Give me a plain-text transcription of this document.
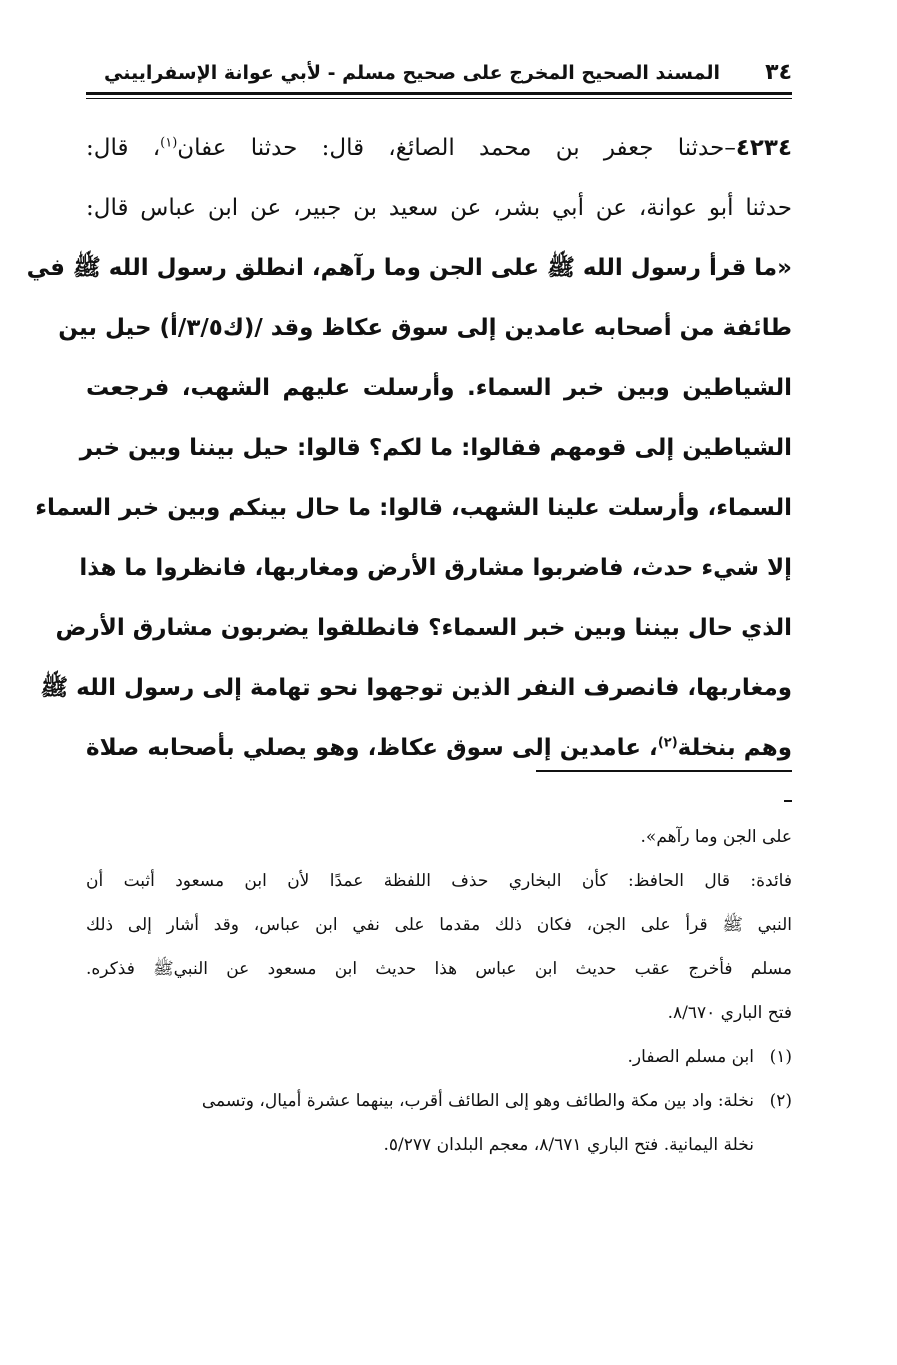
٣٤
المسند الصحيح المخرج على صحيح مسلم - لأبي عوانة الإسفراييني
٤٢٣٤–حدثنا جعفر بن محمد الصائغ، قال: حدثنا عفان$^{(١)}$، قال:
حدثنا أبو عوانة، عن أبي بشر، عن سعيد بن جبير، عن ابن عباس قال:
«ما قرأ رسول الله ﷺ على الجن وما رآهم، انطلق رسول الله ﷺ في
طائفة من أصحابه عامدين إلى سوق عكاظ وقد /(ك٣/٥/أ) حيل بين
الشياطين وبين خبر السماء. وأرسلت عليهم الشهب، فرجعت
الشياطين إلى قومهم فقالوا: ما لكم؟ قالوا: حيل بيننا وبين خبر
السماء، وأرسلت علينا الشهب، قالوا: ما حال بينكم وبين خبر السماء
إلا شيء حدث، فاضربوا مشارق الأرض ومغاربها، فانظروا ما هذا
الذي حال بيننا وبين خبر السماء؟ فانطلقوا يضربون مشارق الأرض
ومغاربها، فانصرف النفر الذين توجهوا نحو تهامة إلى رسول الله ﷺ
وهم بنخلة$^{(٢)}$، عامدين إلى سوق عكاظ، وهو يصلي بأصحابه صلاة
على الجن وما رآهم».
فائدة: قال الحافظ: كأن البخاري حذف اللفظة عمدًا لأن ابن مسعود أثبت أن
النبي ﷺ قرأ على الجن، فكان ذلك مقدما على نفي ابن عباس، وقد أشار إلى ذلك
مسلم فأخرج عقب حديث ابن عباس هذا حديث ابن مسعود عن النبيﷺ فذكره.
فتح الباري ٨/٦٧٠.
(١)ابن مسلم الصفار.
(٢)نخلة: واد بين مكة والطائف وهو إلى الطائف أقرب، بينهما عشرة أميال، وتسمى
نخلة اليمانية. فتح الباري ٨/٦٧١، معجم البلدان ٥/٢٧٧.
